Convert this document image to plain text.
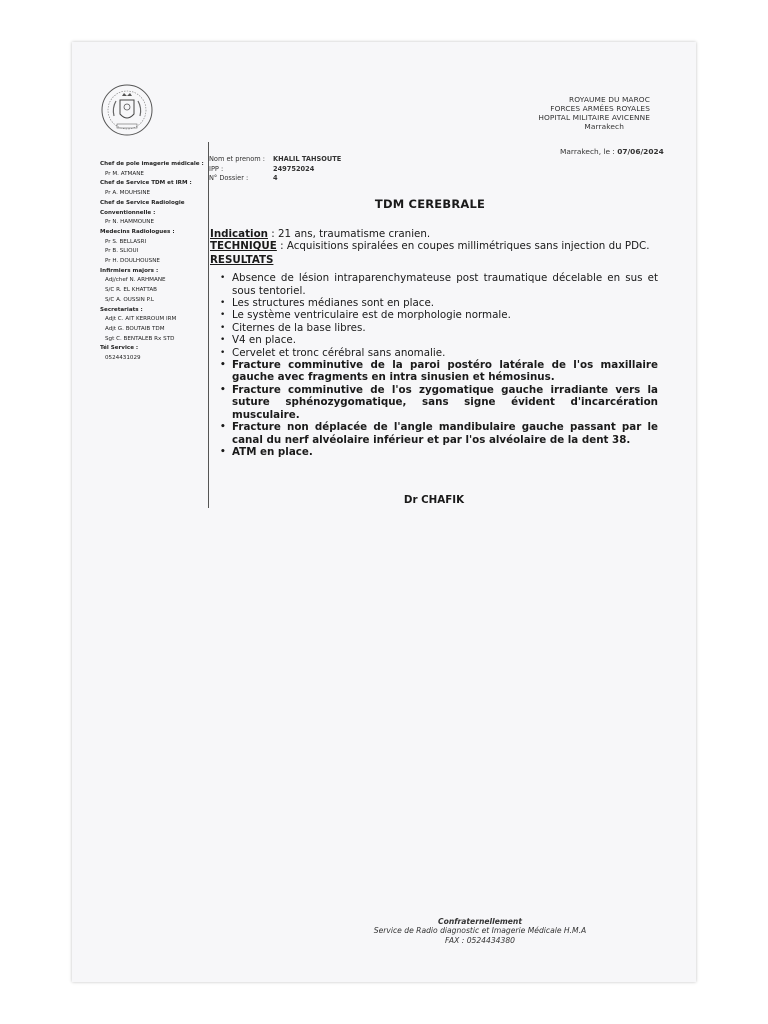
ROYAUME DU MAROC
FORCES ARMÉES ROYALES
HOPITAL MILITAIRE AVICENNE
Marrakech
Marrakech, le : 07/06/2024
Chef de pole imagerie médicale :
Pr M. ATMANE
Chef de Service TDM et IRM :
Pr A. MOUHSINE
Chef de Service Radiologie
Conventionnelle :
Pr N. HAMMOUNE
Medecins Radiologues :
Pr S. BELLASRI
Pr B. SLIOUI
Pr H. DOULHOUSNE
Infirmiers majors :
Adj/chef N. ARHMANE
S/C R. EL KHATTAB
S/C A. OUSSIN P.L
Secretariats :
Adjt C. AIT KERROUM IRM
Adjt G. BOUTAIB TDM
Sgt C. BENTALEB Rx STD
Tél Service :
0524431029
Nom et prenom :	KHALIL TAHSOUTE
IPP :	249752024
N° Dossier :	4
TDM CEREBRALE
Indication : 21 ans, traumatisme cranien.
TECHNIQUE : Acquisitions spiralées en coupes millimétriques sans injection du PDC.
RESULTATS
• Absence de lésion intraparenchymateuse post traumatique décelable en sus et sous tentoriel.
• Les structures médianes sont en place.
• Le système ventriculaire est de morphologie normale.
• Citernes de la base libres.
• V4 en place.
• Cervelet et tronc cérébral sans anomalie.
• Fracture comminutive de la paroi postéro latérale de l'os maxillaire gauche avec fragments en intra sinusien et hémosinus.
• Fracture comminutive de l'os zygomatique gauche irradiante vers la suture sphénozygomatique, sans signe évident d'incarcération musculaire.
• Fracture non déplacée de l'angle mandibulaire gauche passant par le canal du nerf alvéolaire inférieur et par l'os alvéolaire de la dent 38.
• ATM en place.
Dr CHAFIK
Confraternellement
Service de Radio diagnostic et Imagerie Médicale H.M.A
FAX : 0524434380
